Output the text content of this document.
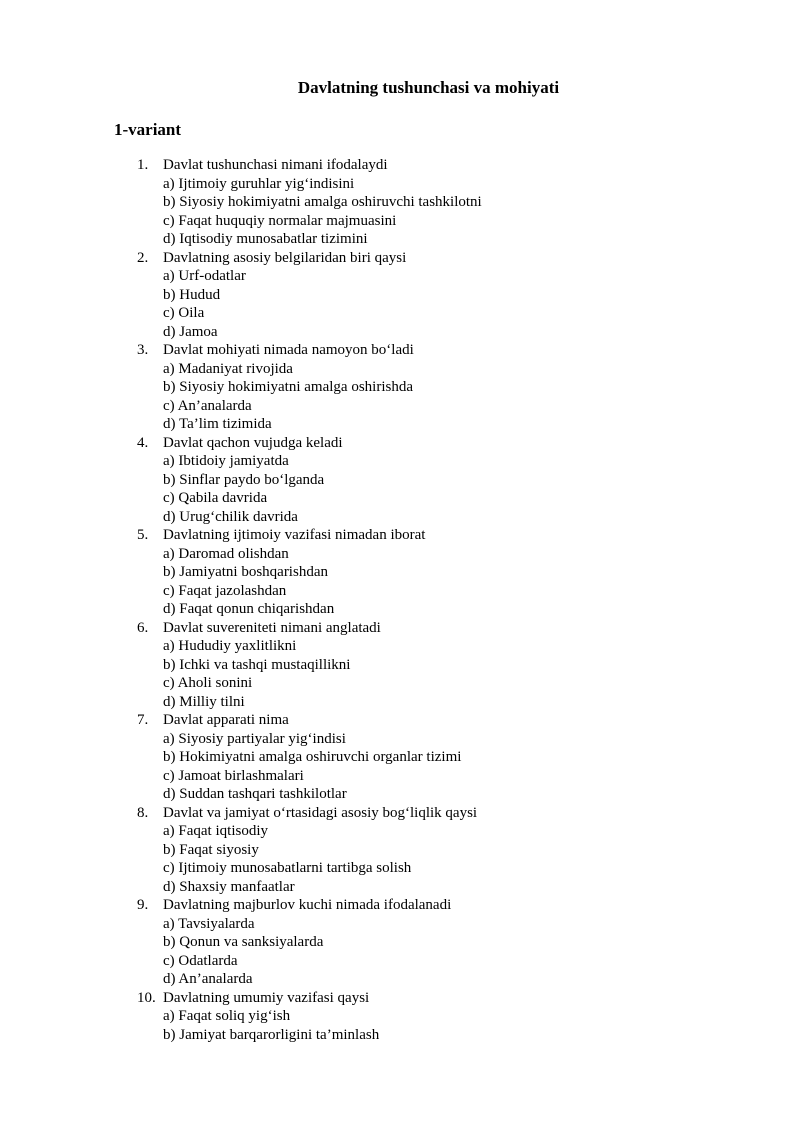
Davlatning tushunchasi va mohiyati
1-variant
1. Davlat tushunchasi nimani ifodalaydi
a) Ijtimoiy guruhlar yig‘indisini
b) Siyosiy hokimiyatni amalga oshiruvchi tashkilotni
c) Faqat huquqiy normalar majmuasini
d) Iqtisodiy munosabatlar tizimini
2. Davlatning asosiy belgilaridan biri qaysi
a) Urf-odatlar
b) Hudud
c) Oila
d) Jamoa
3. Davlat mohiyati nimada namoyon bo‘ladi
a) Madaniyat rivojida
b) Siyosiy hokimiyatni amalga oshirishda
c) An’analarda
d) Ta’lim tizimida
4. Davlat qachon vujudga keladi
a) Ibtidoiy jamiyatda
b) Sinflar paydo bo‘lganda
c) Qabila davrida
d) Urug‘chilik davrida
5. Davlatning ijtimoiy vazifasi nimadan iborat
a) Daromad olishdan
b) Jamiyatni boshqarishdan
c) Faqat jazolashdan
d) Faqat qonun chiqarishdan
6. Davlat suvereniteti nimani anglatadi
a) Hududiy yaxlitlikni
b) Ichki va tashqi mustaqillikni
c) Aholi sonini
d) Milliy tilni
7. Davlat apparati nima
a) Siyosiy partiyalar yig‘indisi
b) Hokimiyatni amalga oshiruvchi organlar tizimi
c) Jamoat birlashmalari
d) Suddan tashqari tashkilotlar
8. Davlat va jamiyat o‘rtasidagi asosiy bog‘liqlik qaysi
a) Faqat iqtisodiy
b) Faqat siyosiy
c) Ijtimoiy munosabatlarni tartibga solish
d) Shaxsiy manfaatlar
9. Davlatning majburlov kuchi nimada ifodalanadi
a) Tavsiyalarda
b) Qonun va sanksiyalarda
c) Odatlarda
d) An’analarda
10. Davlatning umumiy vazifasi qaysi
a) Faqat soliq yig‘ish
b) Jamiyat barqarorligini ta’minlash
